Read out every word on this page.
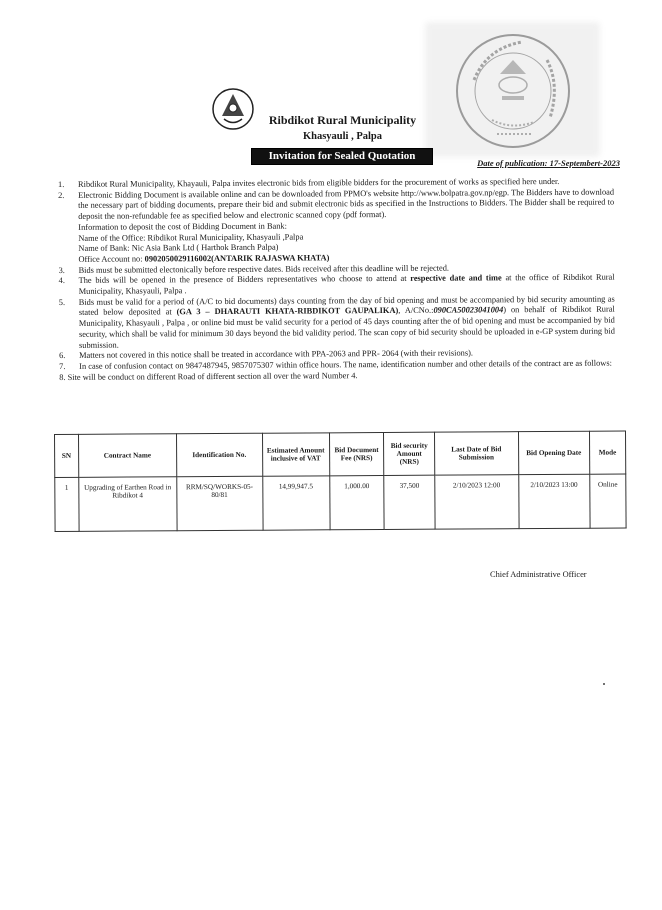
Ribdikot Rural Municipality
Khasyauli , Palpa
Invitation for Sealed Quotation
Date of publication: 17-Septembert-2023
1.	Ribdikot Rural Municipality, Khayauli, Palpa invites electronic bids from eligible bidders for the procurement of works as specified here under.
2.	Electronic Bidding Document is available online and can be downloaded from PPMO's website http://www.bolpatra.gov.np/egp. The Bidders have to download the necessary part of bidding documents, prepare their bid and submit electronic bids as specified in the Instructions to Bidders. The Bidder shall be required to deposit the non-refundable fee as specified below and electronic scanned copy (pdf format).
Information to deposit the cost of Bidding Document in Bank:
Name of the Office: Ribdikot Rural Municipality, Khasyauli ,Palpa
Name of Bank: Nic Asia Bank Ltd ( Harthok Branch Palpa)
Office Account no: 0902050029116002(ANTARIK RAJASWA KHATA)
3.	Bids must be submitted electonically before respective dates. Bids received after this deadline will be rejected.
4.	The bids will be opened in the presence of Bidders representatives who choose to attend at respective date and time at the office of Ribdikot Rural Municipality, Khasyauli, Palpa .
5.	Bids must be valid for a period of (A/C to bid documents) days counting from the day of bid opening and must be accompanied by bid security amounting as stated below deposited at (GA 3 – DHARAUTI KHATA-RIBDIKOT GAUPALIKA), A/CNo.:090CA50023041004) on behalf of Ribdikot Rural Municipality, Khasyauli , Palpa , or online bid must be valid security for a period of 45 days counting after the of bid opening and must be accompanied by bid security, which shall be valid for minimum 30 days beyond the bid validity period. The scan copy of bid security should be uploaded in e-GP system during bid submission.
6.	Matters not covered in this notice shall be treated in accordance with PPA-2063 and PPR- 2064 (with their revisions).
7.	In case of confusion contact on 9847487945, 9857075307 within office hours. The name, identification number and other details of the contract are as follows:
8. Site will be conduct on different Road of different section all over the ward Number 4.
SN	Contract Name	Identification No.	Estimated Amount inclusive of VAT	Bid Document Fee (NRS)	Bid security Amount (NRS)	Last Date of Bid Submission	Bid Opening Date	Mode
1	Upgrading of Earthen Road in Ribdikot 4	RRM/SQ/WORKS-05-80/81	14,99,947.5	1,000.00	37,500	2/10/2023 12:00	2/10/2023 13:00	Online
Chief Administrative Officer
